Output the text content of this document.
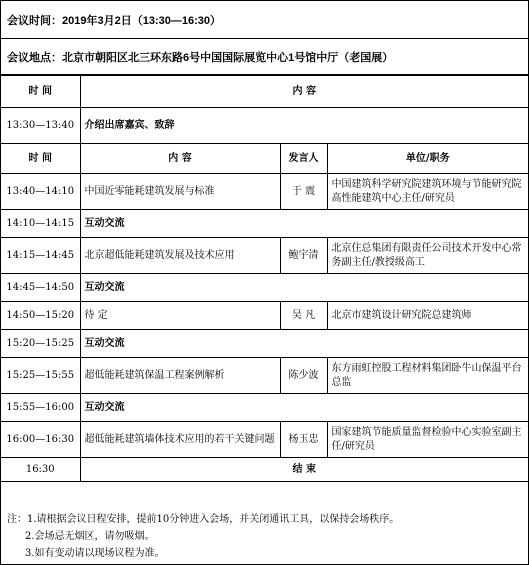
会议时间：2019年3月2日（13:30—16:30）
会议地点：北京市朝阳区北三环东路6号中国国际展览中心1号馆中厅（老国展）
时 间	内 容		
13:30—13:40	介绍出席嘉宾、致辞		
时 间	内 容	发言人	单位/职务
13:40—14:10	中国近零能耗建筑发展与标准	于 震	中国建筑科学研究院建筑环境与节能研究院高性能建筑中心主任/研究员
14:10—14:15	互动交流		
14:15—14:45	北京超低能耗建筑发展及技术应用	鲍宇清	北京住总集团有限责任公司技术开发中心常务副主任/教授级高工
14:45—14:50	互动交流		
14:50—15:20	待 定	吴 凡	北京市建筑设计研究院总建筑师
15:20—15:25	互动交流		
15:25—15:55	超低能耗建筑保温工程案例解析	陈少波	东方雨虹控股工程材料集团卧牛山保温平台总监
15:55—16:00	互动交流		
16:00—16:30	超低能耗建筑墙体技术应用的若干关键问题	杨玉忠	国家建筑节能质量监督检验中心实验室副主任/研究员
16:30	结 束		
注：1.请根据会议日程安排，提前10分钟进入会场，并关闭通讯工具，以保持会场秩序。
2.会场忌无烟区，请勿吸烟。
3.如有变动请以现场议程为准。
